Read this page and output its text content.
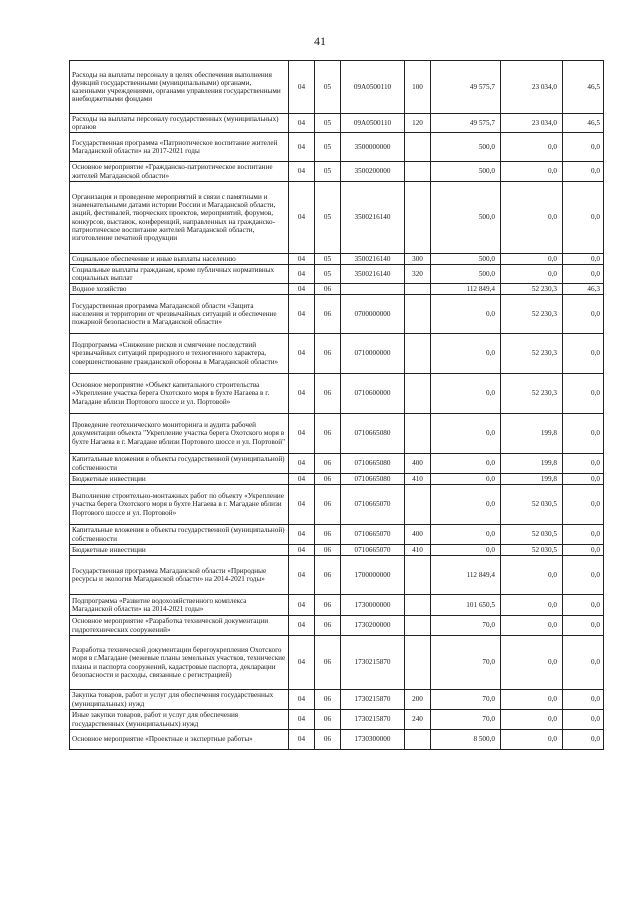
41
Расходы на выплаты персоналу в целях обеспечения выполнения функций государственными (муниципальными) органами, казенными учреждениями, органами управления государственными внебюджетными фондами	04	05	09А0500110	100	49 575,7	23 034,0	46,5
Расходы на выплаты персоналу государственных (муниципальных) органов	04	05	09А0500110	120	49 575,7	23 034,0	46,5
Государственная программа «Патриотическое воспитание жителей Магаданской области» на 2017-2021 годы	04	05	3500000000		500,0	0,0	0,0
Основное мероприятие «Гражданско-патриотическое воспитание жителей Магаданской области»	04	05	3500200000		500,0	0,0	0,0
Организация и проведение мероприятий в связи с памятными и знаменательными датами истории России и Магаданской области, акций, фестивалей, творческих проектов, мероприятий, форумов, конкурсов, выставок, конференций, направленных на гражданско-патриотическое воспитание жителей Магаданской области, изготовление печатной продукции	04	05	3500216140		500,0	0,0	0,0
Социальное обеспечение и иные выплаты населению	04	05	3500216140	300	500,0	0,0	0,0
Социальные выплаты гражданам, кроме публичных нормативных социальных выплат	04	05	3500216140	320	500,0	0,0	0,0
Водное хозяйство	04	06			112 849,4	52 230,3	46,3
Государственная программа Магаданской области «Защита населения и территории от чрезвычайных ситуаций и обеспечение пожарной безопасности в Магаданской области»	04	06	0700000000		0,0	52 230,3	0,0
Подпрограмма «Снижение рисков и смягчение последствий чрезвычайных ситуаций природного и техногенного характера, совершенствование гражданской обороны в Магаданской области»	04	06	0710000000		0,0	52 230,3	0,0
Основное мероприятие «Объект капитального строительства «Укрепление участка берега Охотского моря в бухте Нагаева в г. Магадане вблизи Портового шоссе и ул. Портовой»	04	06	0710600000		0,0	52 230,3	0,0
Проведение геотехнического мониторинга и аудита рабочей документации объекта "Укрепление участка берега Охотского моря в бухте Нагаева в г. Магадане вблизи Портового шоссе и ул. Портовой"	04	06	0710665080		0,0	199,8	0,0
Капитальные вложения в объекты государственной (муниципальной) собственности	04	06	0710665080	400	0,0	199,8	0,0
Бюджетные инвестиции	04	06	0710665080	410	0,0	199,8	0,0
Выполнение строительно-монтажных работ по объекту «Укрепление участка берега Охотского моря в бухте Нагаева в г. Магадане вблизи Портового шоссе и ул. Портовой»	04	06	0710665070		0,0	52 030,5	0,0
Капитальные вложения в объекты государственной (муниципальной) собственности	04	06	0710665070	400	0,0	52 030,5	0,0
Бюджетные инвестиции	04	06	0710665070	410	0,0	52 030,5	0,0
Государственная программа Магаданской области «Природные ресурсы и экология Магаданской области» на 2014-2021 годы»	04	06	1700000000		112 849,4	0,0	0,0
Подпрограмма «Развитие водохозяйственного комплекса Магаданской области» на 2014-2021 годы»	04	06	1730000000		101 650,5	0,0	0,0
Основное мероприятие «Разработка технической документации гидротехнических сооружений»	04	06	1730200000		70,0	0,0	0,0
Разработка технической документации берегоукрепления Охотского моря в г.Магадане (межевые планы земельных участков, технические планы и паспорта сооружений, кадастровые паспорта, декларации безопасности и расходы, связанные с регистрацией)	04	06	1730215870		70,0	0,0	0,0
Закупка товаров, работ и услуг для обеспечения государственных (муниципальных) нужд	04	06	1730215870	200	70,0	0,0	0,0
Иные закупки товаров, работ и услуг для обеспечения государственных (муниципальных) нужд	04	06	1730215870	240	70,0	0,0	0,0
Основное мероприятие «Проектные и экспертные работы»	04	06	1730300000		8 500,0	0,0	0,0
